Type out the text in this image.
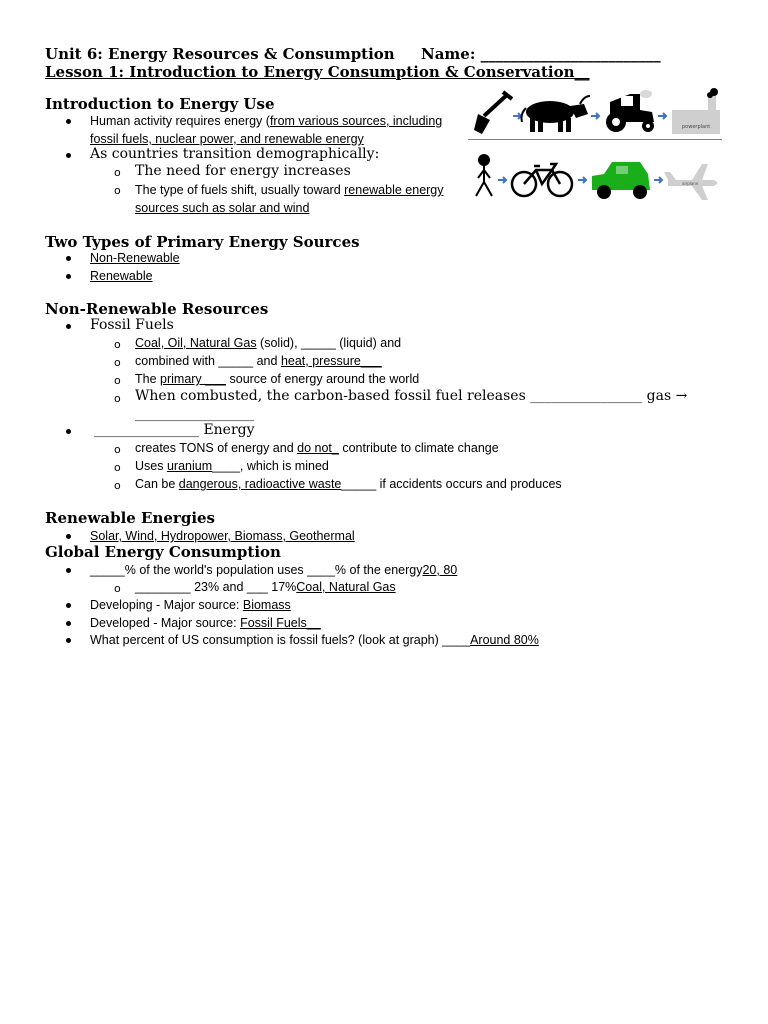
Unit 6: Energy Resources & Consumption Name: ________________________
Lesson 1: Introduction to Energy Consumption & Conservation__
Introduction to Energy Use
Human activity requires energy (from various sources, including
fossil fuels, nuclear power, and renewable energy
As countries transition demographically:
o The need for energy increases
o The type of fuels shift, usually toward renewable energy
sources such as solar and wind
powerplant
airplane
Two Types of Primary Energy Sources
Non-Renewable
Renewable
Non-Renewable Resources
Fossil Fuels
o Coal, Oil, Natural Gas (solid), _____ (liquid) and
o combined with _____ and heat, pressure___
o The primary ___ source of energy around the world
o When combusted, the carbon-based fossil fuel releases ________________ gas →
_________________
_______________ Energy
o creates TONS of energy and do not_ contribute to climate change
o Uses uranium____, which is mined
o Can be dangerous, radioactive waste_____ if accidents occurs and produces
Renewable Energies
Solar, Wind, Hydropower, Biomass, Geothermal
Global Energy Consumption
_____% of the world's population uses ____% of the energy20, 80
o ________ 23% and ___ 17%Coal, Natural Gas
Developing - Major source: Biomass
Developed - Major source: Fossil Fuels__
What percent of US consumption is fossil fuels? (look at graph) ____Around 80%
